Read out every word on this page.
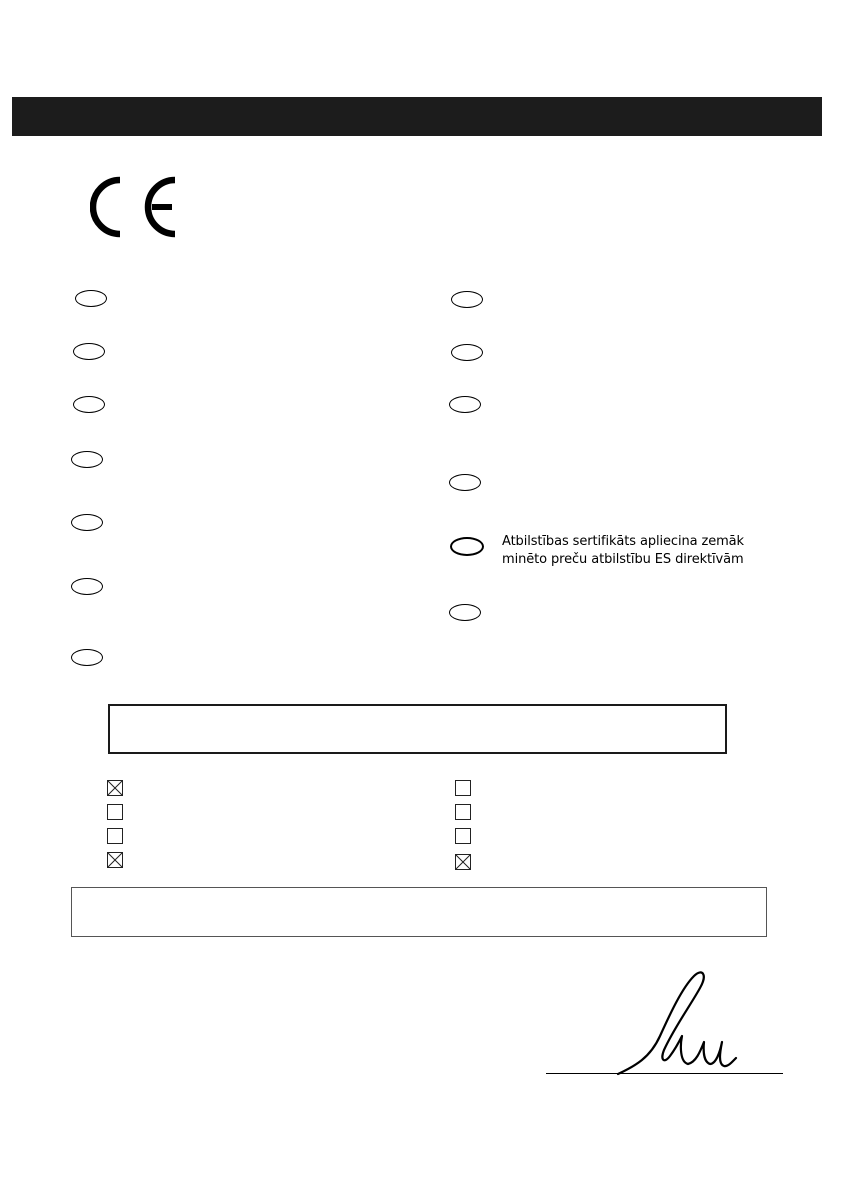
Atbilstības sertifikāts apliecina zemāk
minēto preču atbilstību ES direktīvām
